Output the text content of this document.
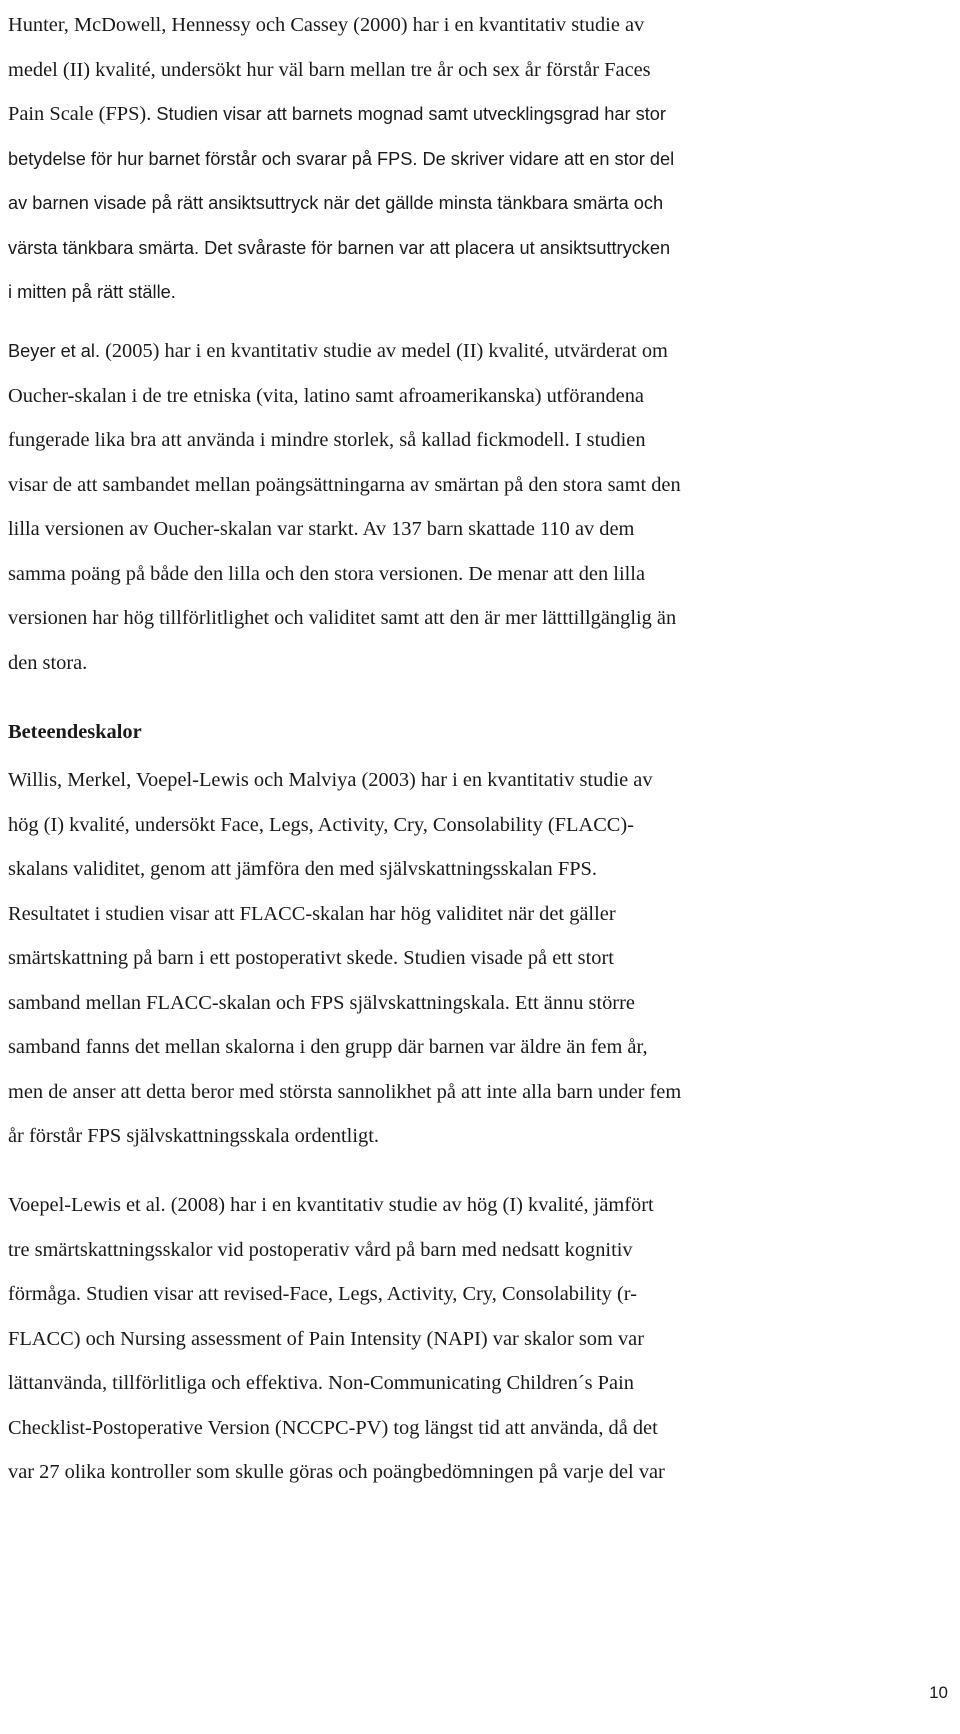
Hunter, McDowell, Hennessy och Cassey (2000) har i en kvantitativ studie av
medel (II) kvalité, undersökt hur väl barn mellan tre år och sex år förstår Faces
Pain Scale (FPS). Studien visar att barnets mognad samt utvecklingsgrad har stor
betydelse för hur barnet förstår och svarar på FPS. De skriver vidare att en stor del
av barnen visade på rätt ansiktsuttryck när det gällde minsta tänkbara smärta och
värsta tänkbara smärta. Det svåraste för barnen var att placera ut ansiktsuttrycken
i mitten på rätt ställe.
Beyer et al. (2005) har i en kvantitativ studie av medel (II) kvalité, utvärderat om
Oucher-skalan i de tre etniska (vita, latino samt afroamerikanska) utförandena
fungerade lika bra att använda i mindre storlek, så kallad fickmodell. I studien
visar de att sambandet mellan poängsättningarna av smärtan på den stora samt den
lilla versionen av Oucher-skalan var starkt. Av 137 barn skattade 110 av dem
samma poäng på både den lilla och den stora versionen. De menar att den lilla
versionen har hög tillförlitlighet och validitet samt att den är mer lätttillgänglig än
den stora.
Beteendeskalor
Willis, Merkel, Voepel-Lewis och Malviya (2003) har i en kvantitativ studie av
hög (I) kvalité, undersökt Face, Legs, Activity, Cry, Consolability (FLACC)-
skalans validitet, genom att jämföra den med självskattningsskalan FPS.
Resultatet i studien visar att FLACC-skalan har hög validitet när det gäller
smärtskattning på barn i ett postoperativt skede. Studien visade på ett stort
samband mellan FLACC-skalan och FPS självskattningskala. Ett ännu större
samband fanns det mellan skalorna i den grupp där barnen var äldre än fem år,
men de anser att detta beror med största sannolikhet på att inte alla barn under fem
år förstår FPS självskattningsskala ordentligt.
Voepel-Lewis et al. (2008) har i en kvantitativ studie av hög (I) kvalité, jämfört
tre smärtskattningsskalor vid postoperativ vård på barn med nedsatt kognitiv
förmåga. Studien visar att revised-Face, Legs, Activity, Cry, Consolability (r-
FLACC) och Nursing assessment of Pain Intensity (NAPI) var skalor som var
lättanvända, tillförlitliga och effektiva. Non-Communicating Children´s Pain
Checklist-Postoperative Version (NCCPC-PV) tog längst tid att använda, då det
var 27 olika kontroller som skulle göras och poängbedömningen på varje del var
10
